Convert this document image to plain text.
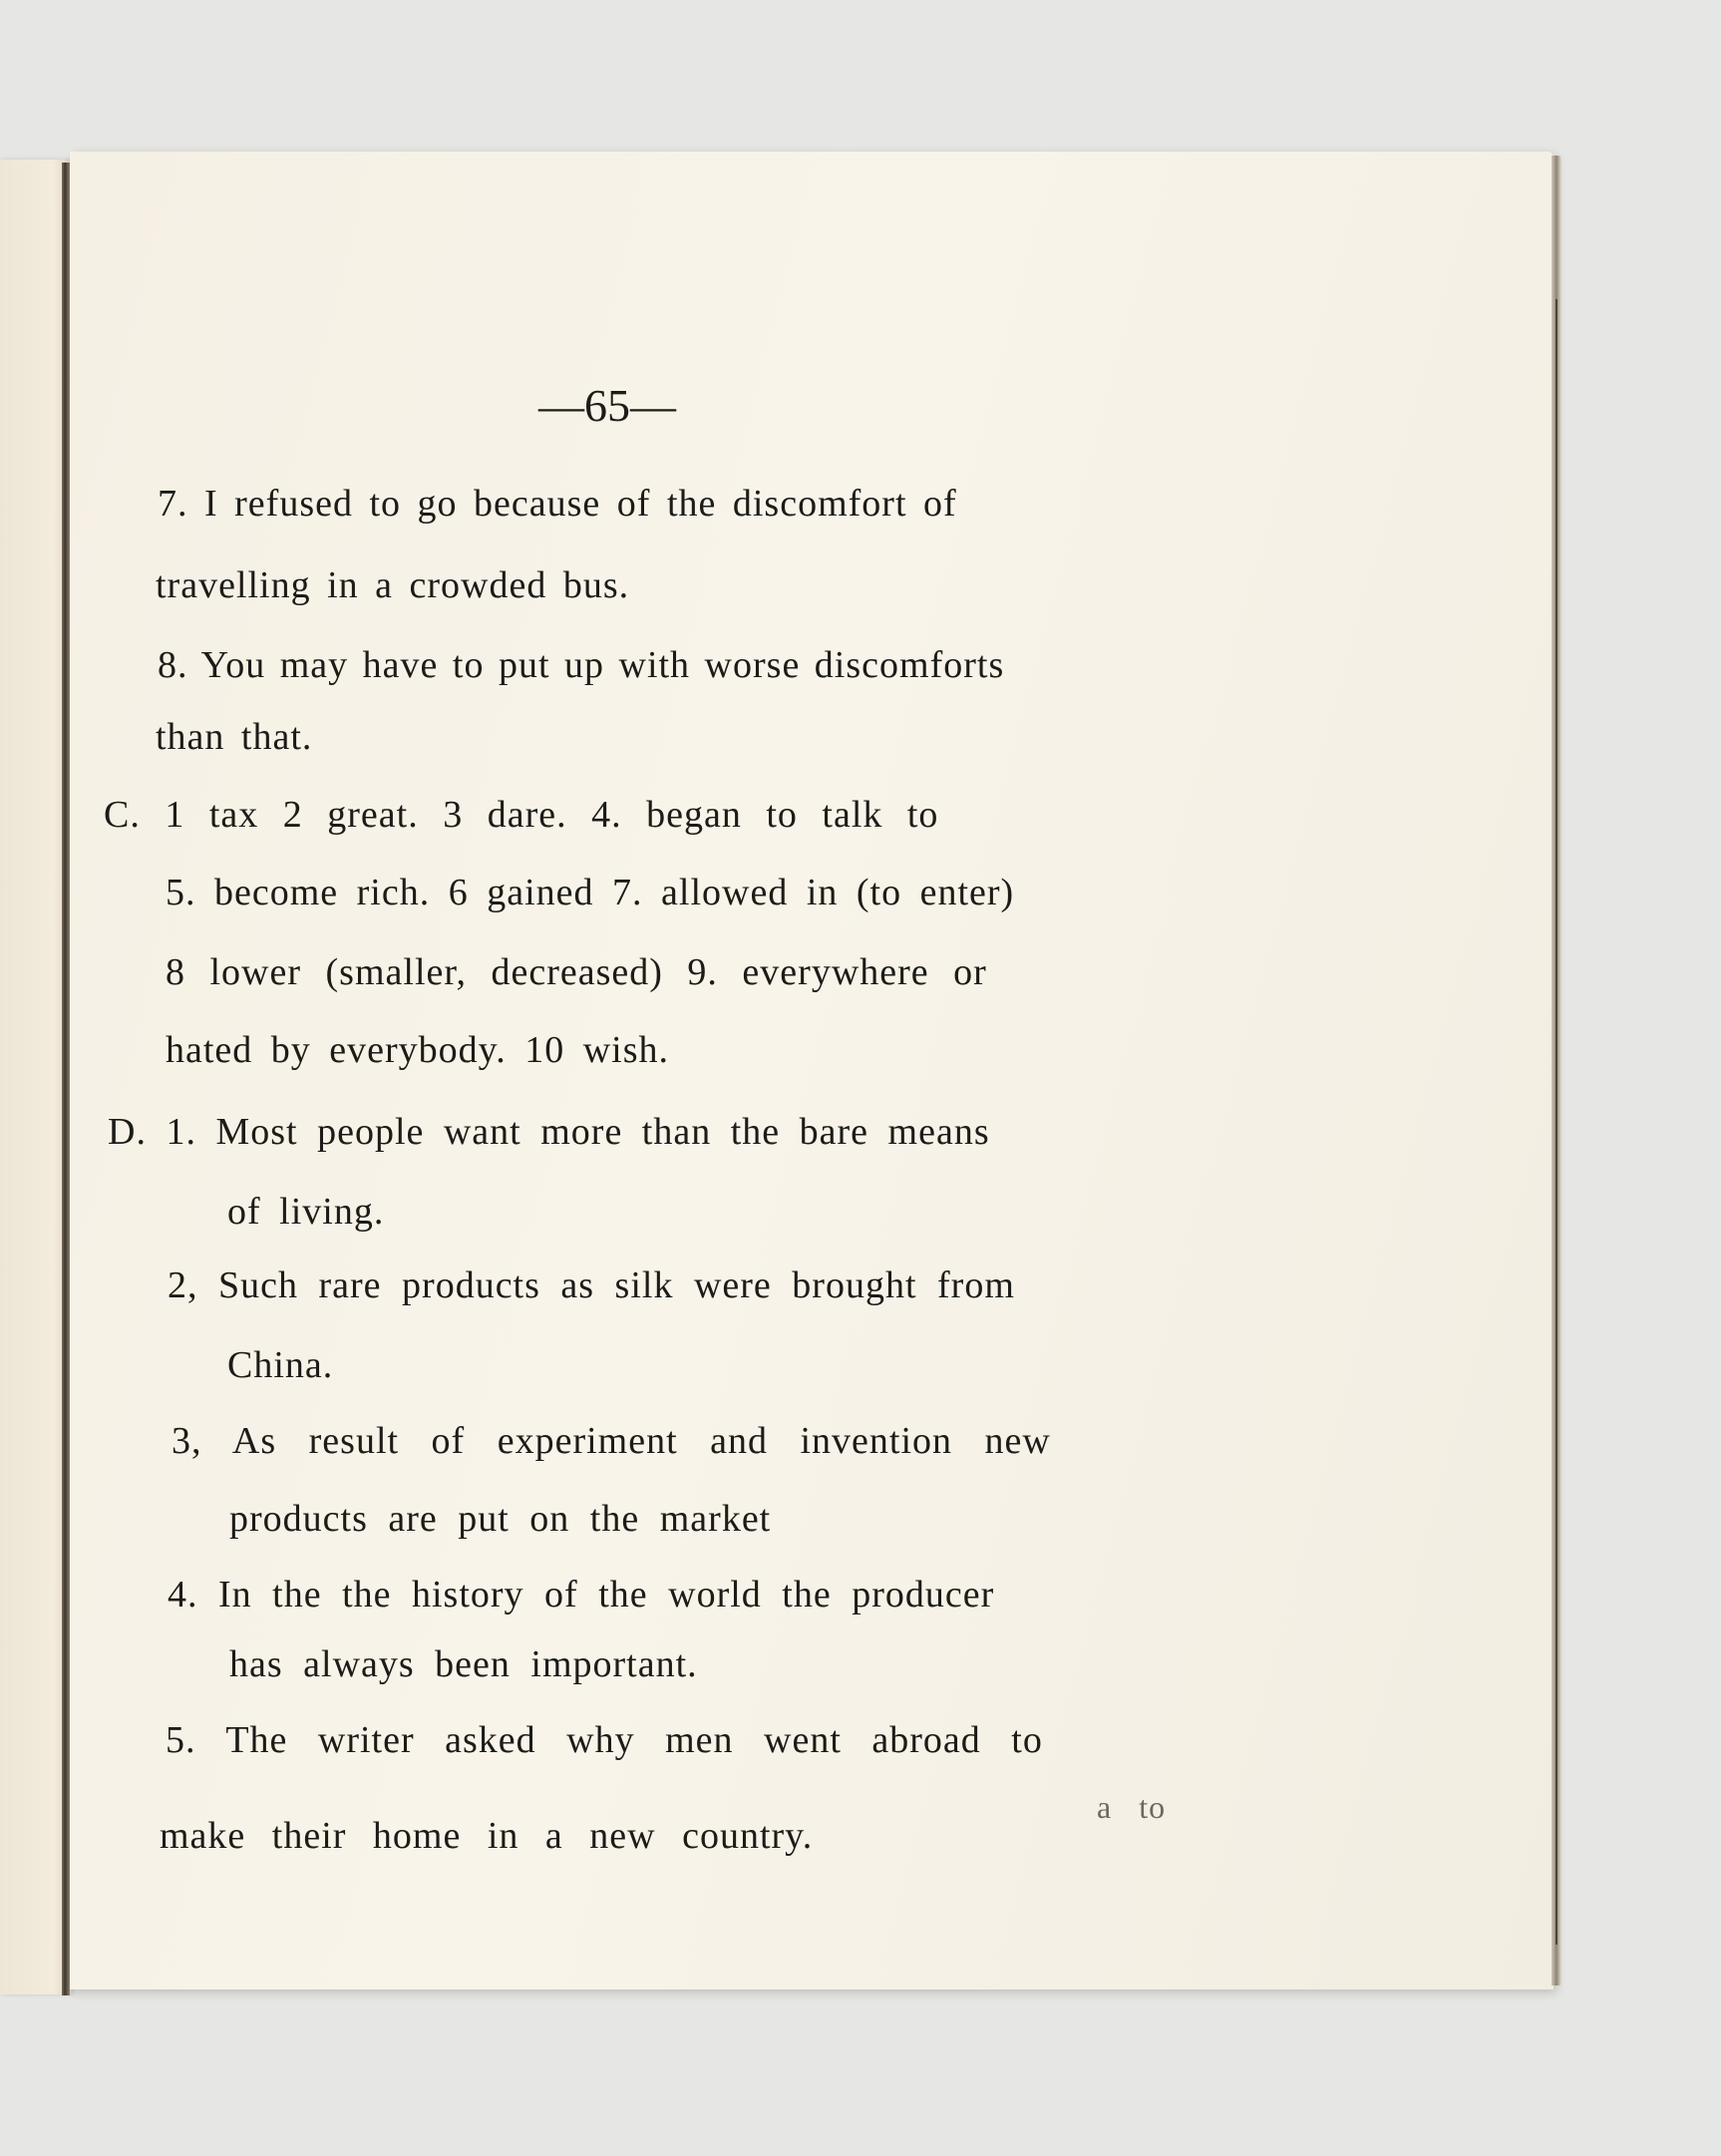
—65—
7. I refused to go because of the discomfort of
travelling in a crowded bus.
8. You may have to put up with worse discomforts
than that.
C. 1 tax 2 great. 3 dare. 4. began to talk to
5. become rich. 6 gained 7. allowed in (to enter)
8 lower (smaller, decreased) 9. everywhere or
hated by everybody. 10 wish.
D. 1. Most people want more than the bare means
of living.
2, Such rare products as silk were brought from
China.
3, As result of experiment and invention new
products are put on the market
4. In the the history of the world the producer
has always been important.
5. The writer asked why men went abroad to
a to
make their home in a new country.
